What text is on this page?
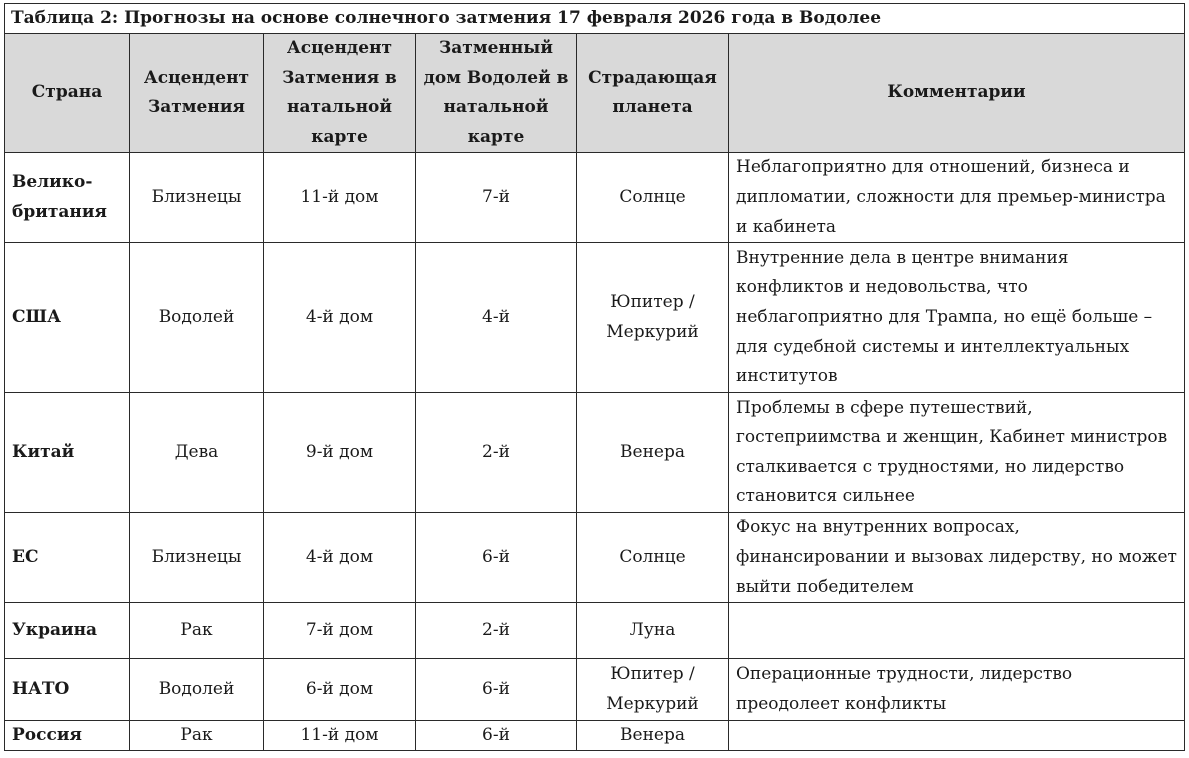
Таблица 2: Прогнозы на основе солнечного затмения 17 февраля 2026 года в Водолее					
Страна	Асцендент Затмения	Асцендент Затмения в натальной карте	Затменный дом Водолей в натальной карте	Страдающая планета	Комментарии
Велико-
британия	Близнецы	11-й дом	7-й	Солнце	Неблагоприятно для отношений, бизнеса и дипломатии, сложности для премьер-министра и кабинета
США	Водолей	4-й дом	4-й	Юпитер / Меркурий	Внутренние дела в центре внимания конфликтов и недовольства, что неблагоприятно для Трампа, но ещё больше – для судебной системы и интеллектуальных институтов
Китай	Дева	9-й дом	2-й	Венера	Проблемы в сфере путешествий, гостеприимства и женщин, Кабинет министров сталкивается с трудностями, но лидерство становится сильнее
ЕС	Близнецы	4-й дом	6-й	Солнце	Фокус на внутренних вопросах, финансировании и вызовах лидерству, но может выйти победителем
Украина	Рак	7-й дом	2-й	Луна	
НАТО	Водолей	6-й дом	6-й	Юпитер / Меркурий	Операционные трудности, лидерство преодолеет конфликты
Россия	Рак	11-й дом	6-й	Венера	
